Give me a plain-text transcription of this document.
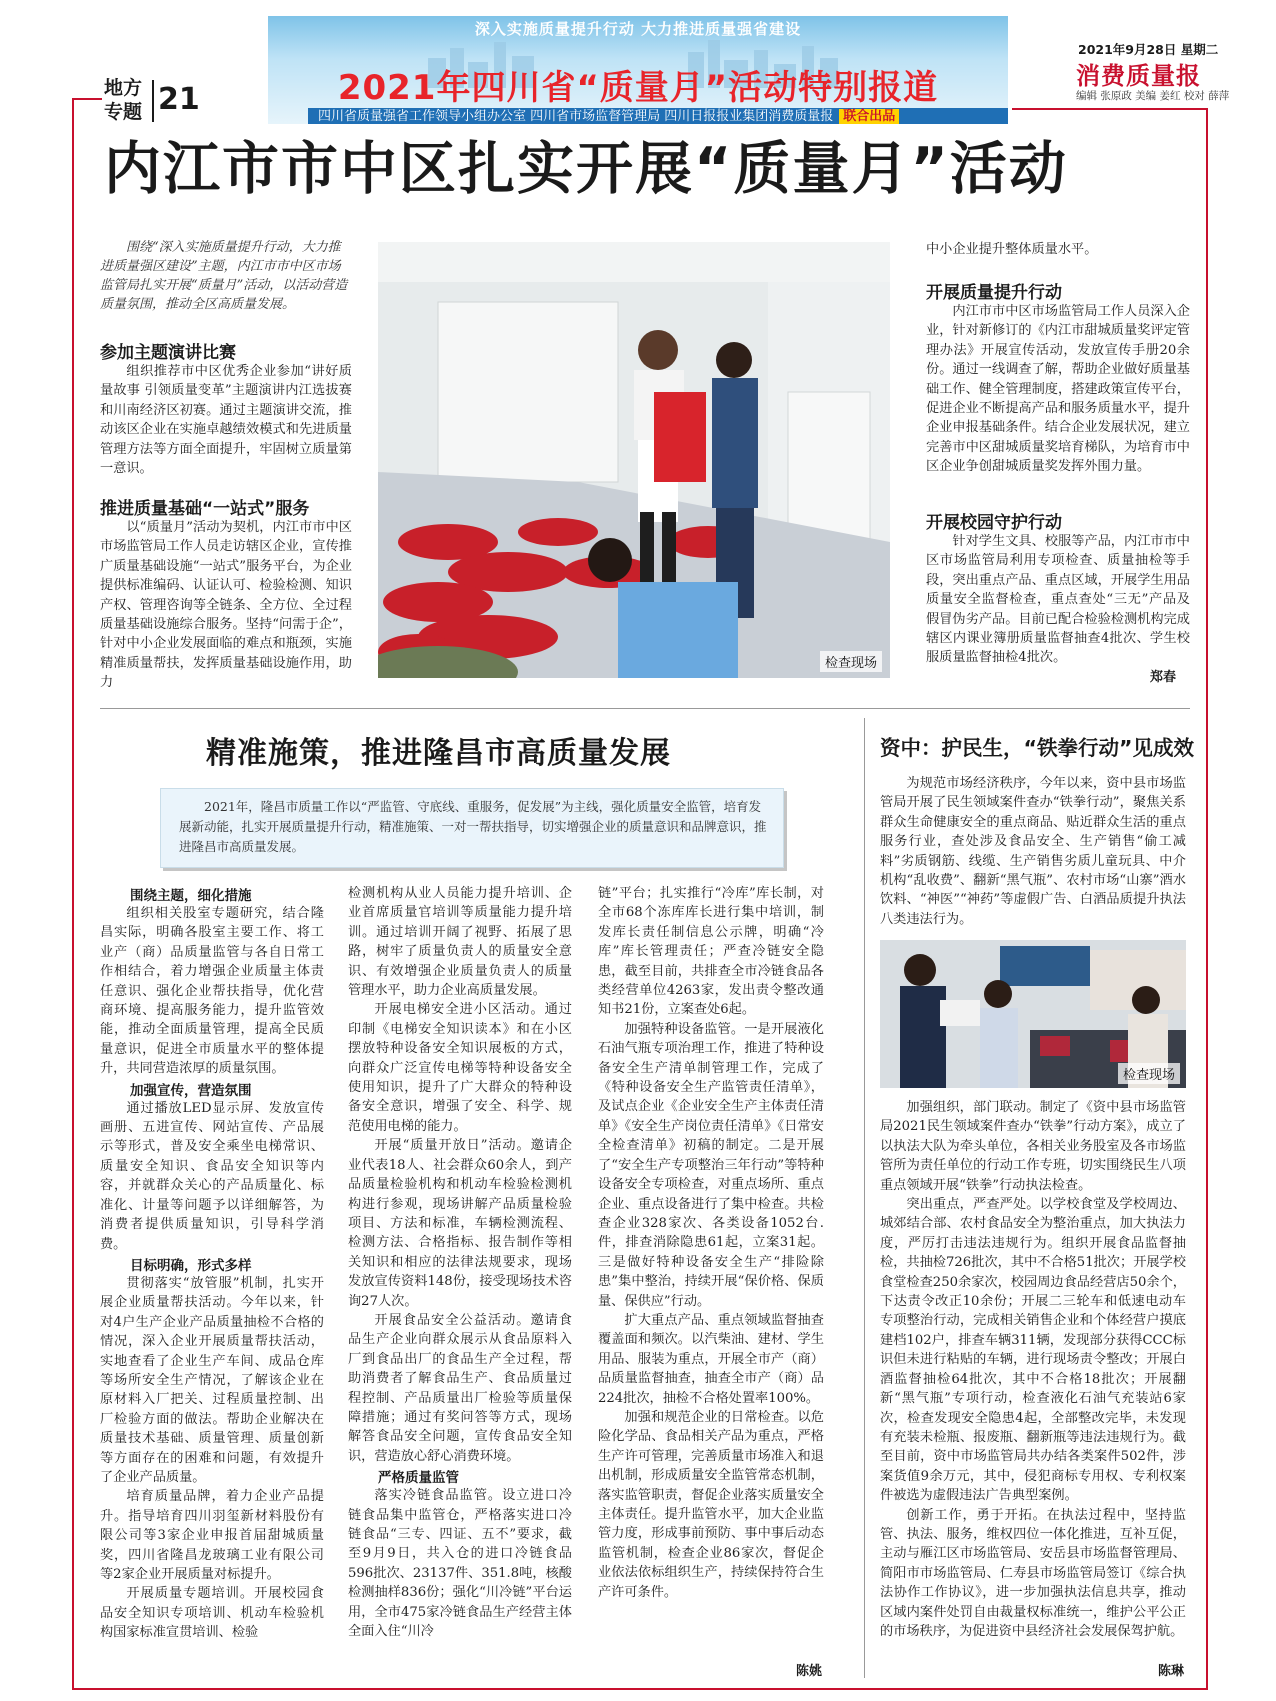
地方
专题 21
深入实施质量提升行动 大力推进质量强省建设
2021年四川省“质量月”活动特别报道
四川省质量强省工作领导小组办公室 四川省市场监督管理局 四川日报报业集团消费质量报 联合出品
2021年9月28日 星期二
消费质量报
编辑 张原政 美编 姜红 校对 薛萍
内江市市中区扎实开展“质量月”活动
围绕“深入实施质量提升行动，大力推进质量强区建设”主题，内江市市中区市场监管局扎实开展“质量月”活动，以活动营造质量氛围，推动全区高质量发展。
参加主题演讲比赛
组织推荐市中区优秀企业参加“讲好质量故事 引领质量变革”主题演讲内江选拔赛和川南经济区初赛。通过主题演讲交流，推动该区企业在实施卓越绩效模式和先进质量管理方法等方面全面提升，牢固树立质量第一意识。
推进质量基础“一站式”服务
以“质量月”活动为契机，内江市市中区市场监管局工作人员走访辖区企业，宣传推广质量基础设施“一站式”服务平台，为企业提供标准编码、认证认可、检验检测、知识产权、管理咨询等全链条、全方位、全过程质量基础设施综合服务。坚持“问需于企”，针对中小企业发展面临的难点和瓶颈，实施精准质量帮扶，发挥质量基础设施作用，助力
检查现场
中小企业提升整体质量水平。
开展质量提升行动
内江市市中区市场监管局工作人员深入企业，针对新修订的《内江市甜城质量奖评定管理办法》开展宣传活动，发放宣传手册20余份。通过一线调查了解，帮助企业做好质量基础工作、健全管理制度，搭建政策宣传平台，促进企业不断提高产品和服务质量水平，提升企业申报基础条件。结合企业发展状况，建立完善市中区甜城质量奖培育梯队，为培育市中区企业争创甜城质量奖发挥外围力量。
开展校园守护行动
针对学生文具、校服等产品，内江市市中区市场监管局利用专项检查、质量抽检等手段，突出重点产品、重点区域，开展学生用品质量安全监督检查，重点查处“三无”产品及假冒伪劣产品。目前已配合检验检测机构完成辖区内课业簿册质量监督抽查4批次、学生校服质量监督抽检4批次。
郑春
精准施策，推进隆昌市高质量发展
2021年，隆昌市质量工作以“严监管、守底线、重服务，促发展”为主线，强化质量安全监管，培育发展新动能，扎实开展质量提升行动，精准施策、一对一帮扶指导，切实增强企业的质量意识和品牌意识，推进隆昌市高质量发展。
围绕主题，细化措施
组织相关股室专题研究，结合隆昌实际，明确各股室主要工作、将工业产（商）品质量监管与各自日常工作相结合，着力增强企业质量主体责任意识、强化企业帮扶指导，优化营商环境、提高服务能力，提升监管效能，推动全面质量管理，提高全民质量意识，促进全市质量水平的整体提升，共同营造浓厚的质量氛围。
加强宣传，营造氛围
通过播放LED显示屏、发放宣传画册、五进宣传、网站宣传、产品展示等形式，普及安全乘坐电梯常识、质量安全知识、食品安全知识等内容，并就群众关心的产品质量化、标准化、计量等问题予以详细解答，为消费者提供质量知识，引导科学消费。
目标明确，形式多样
贯彻落实“放管服”机制，扎实开展企业质量帮扶活动。今年以来，针对4户生产企业产品质量抽检不合格的情况，深入企业开展质量帮扶活动，实地查看了企业生产车间、成品仓库等场所安全生产情况，了解该企业在原材料入厂把关、过程质量控制、出厂检验方面的做法。帮助企业解决在质量技术基础、质量管理、质量创新等方面存在的困难和问题，有效提升了企业产品质量。
培育质量品牌，着力企业产品提升。指导培育四川羽玺新材料股份有限公司等3家企业申报首届甜城质量奖，四川省隆昌龙玻璃工业有限公司等2家企业开展质量对标提升。
开展质量专题培训。开展校园食品安全知识专项培训、机动车检验机构国家标准宣贯培训、检验
检测机构从业人员能力提升培训、企业首席质量官培训等质量能力提升培训。通过培训开阔了视野、拓展了思路，树牢了质量负责人的质量安全意识、有效增强企业质量负责人的质量管理水平，助力企业高质量发展。
开展电梯安全进小区活动。通过印制《电梯安全知识读本》和在小区摆放特种设备安全知识展板的方式，向群众广泛宣传电梯等特种设备安全使用知识，提升了广大群众的特种设备安全意识，增强了安全、科学、规范使用电梯的能力。
开展“质量开放日”活动。邀请企业代表18人、社会群众60余人，到产品质量检验机构和机动车检验检测机构进行参观，现场讲解产品质量检验项目、方法和标准，车辆检测流程、检测方法、合格指标、报告制作等相关知识和相应的法律法规要求，现场发放宣传资料148份，接受现场技术咨询27人次。
开展食品安全公益活动。邀请食品生产企业向群众展示从食品原料入厂到食品出厂的食品生产全过程，帮助消费者了解食品生产、食品质量过程控制、产品质量出厂检验等质量保障措施；通过有奖问答等方式，现场解答食品安全问题，宣传食品安全知识，营造放心舒心消费环境。
严格质量监管
落实冷链食品监管。设立进口冷链食品集中监管仓，严格落实进口冷链食品“三专、四证、五不”要求，截至9月9日，共入仓的进口冷链食品596批次、23137件、351.8吨，核酸检测抽样836份；强化“川冷链”平台运用，全市475家冷链食品生产经营主体全面入住“川冷
链”平台；扎实推行“冷库”库长制，对全市68个冻库库长进行集中培训，制发库长责任制信息公示牌，明确“冷库”库长管理责任；严查冷链安全隐患，截至目前，共排查全市冷链食品各类经营单位4263家，发出责令整改通知书21份，立案查处6起。
加强特种设备监管。一是开展液化石油气瓶专项治理工作，推进了特种设备安全生产清单制管理工作，完成了《特种设备安全生产监管责任清单》，及试点企业《企业安全生产主体责任清单》《安全生产岗位责任清单》《日常安全检查清单》初稿的制定。二是开展了“安全生产专项整治三年行动”等特种设备安全专项检查，对重点场所、重点企业、重点设备进行了集中检查。共检查企业328家次、各类设备1052台.件，排查消除隐患61起，立案31起。三是做好特种设备安全生产“排险除患”集中整治，持续开展“保价格、保质量、保供应”行动。
扩大重点产品、重点领域监督抽查覆盖面和频次。以汽柴油、建材、学生用品、服装为重点，开展全市产（商）品质量监督抽查，抽查全市产（商）品224批次，抽检不合格处置率100%。
加强和规范企业的日常检查。以危险化学品、食品相关产品为重点，严格生产许可管理，完善质量市场准入和退出机制，形成质量安全监管常态机制，落实监管职责，督促企业落实质量安全主体责任。提升监管水平，加大企业监管力度，形成事前预防、事中事后动态监管机制，检查企业86家次，督促企业依法依标组织生产，持续保持符合生产许可条件。
陈姚
资中：护民生，“铁拳行动”见成效
为规范市场经济秩序，今年以来，资中县市场监管局开展了民生领域案件查办“铁拳行动”，聚焦关系群众生命健康安全的重点商品、贴近群众生活的重点服务行业，查处涉及食品安全、生产销售“偷工减料”劣质钢筋、线缆、生产销售劣质儿童玩具、中介机构“乱收费”、翻新“黑气瓶”、农村市场“山寨”酒水饮料、“神医”“神药”等虚假广告、白酒品质提升执法八类违法行为。
检查现场
加强组织，部门联动。制定了《资中县市场监管局2021民生领域案件查办“铁拳”行动方案》，成立了以执法大队为牵头单位，各相关业务股室及各市场监管所为责任单位的行动工作专班，切实围绕民生八项重点领域开展“铁拳”行动执法检查。
突出重点，严查严处。以学校食堂及学校周边、城郊结合部、农村食品安全为整治重点，加大执法力度，严厉打击违法违规行为。组织开展食品监督抽检，共抽检726批次，其中不合格51批次；开展学校食堂检查250余家次，校园周边食品经营店50余个，下达责令改正10余份；开展二三轮车和低速电动车专项整治行动，完成相关销售企业和个体经营户摸底建档102户，排查车辆311辆，发现部分获得CCC标识但未进行粘贴的车辆，进行现场责令整改；开展白酒监督抽检64批次，其中不合格18批次；开展翻新“黑气瓶”专项行动，检查液化石油气充装站6家次，检查发现安全隐患4起，全部整改完毕，未发现有充装未检瓶、报废瓶、翻新瓶等违法违规行为。截至目前，资中市场监管局共办结各类案件502件，涉案货值9余万元，其中，侵犯商标专用权、专利权案件被选为虚假违法广告典型案例。
创新工作，勇于开拓。在执法过程中，坚持监管、执法、服务，维权四位一体化推进，互补互促，主动与雁江区市场监管局、安岳县市场监督管理局、简阳市市场监管局、仁寿县市场监管局签订《综合执法协作工作协议》，进一步加强执法信息共享，推动区域内案件处罚自由裁量权标准统一，维护公平公正的市场秩序，为促进资中县经济社会发展保驾护航。
陈琳
